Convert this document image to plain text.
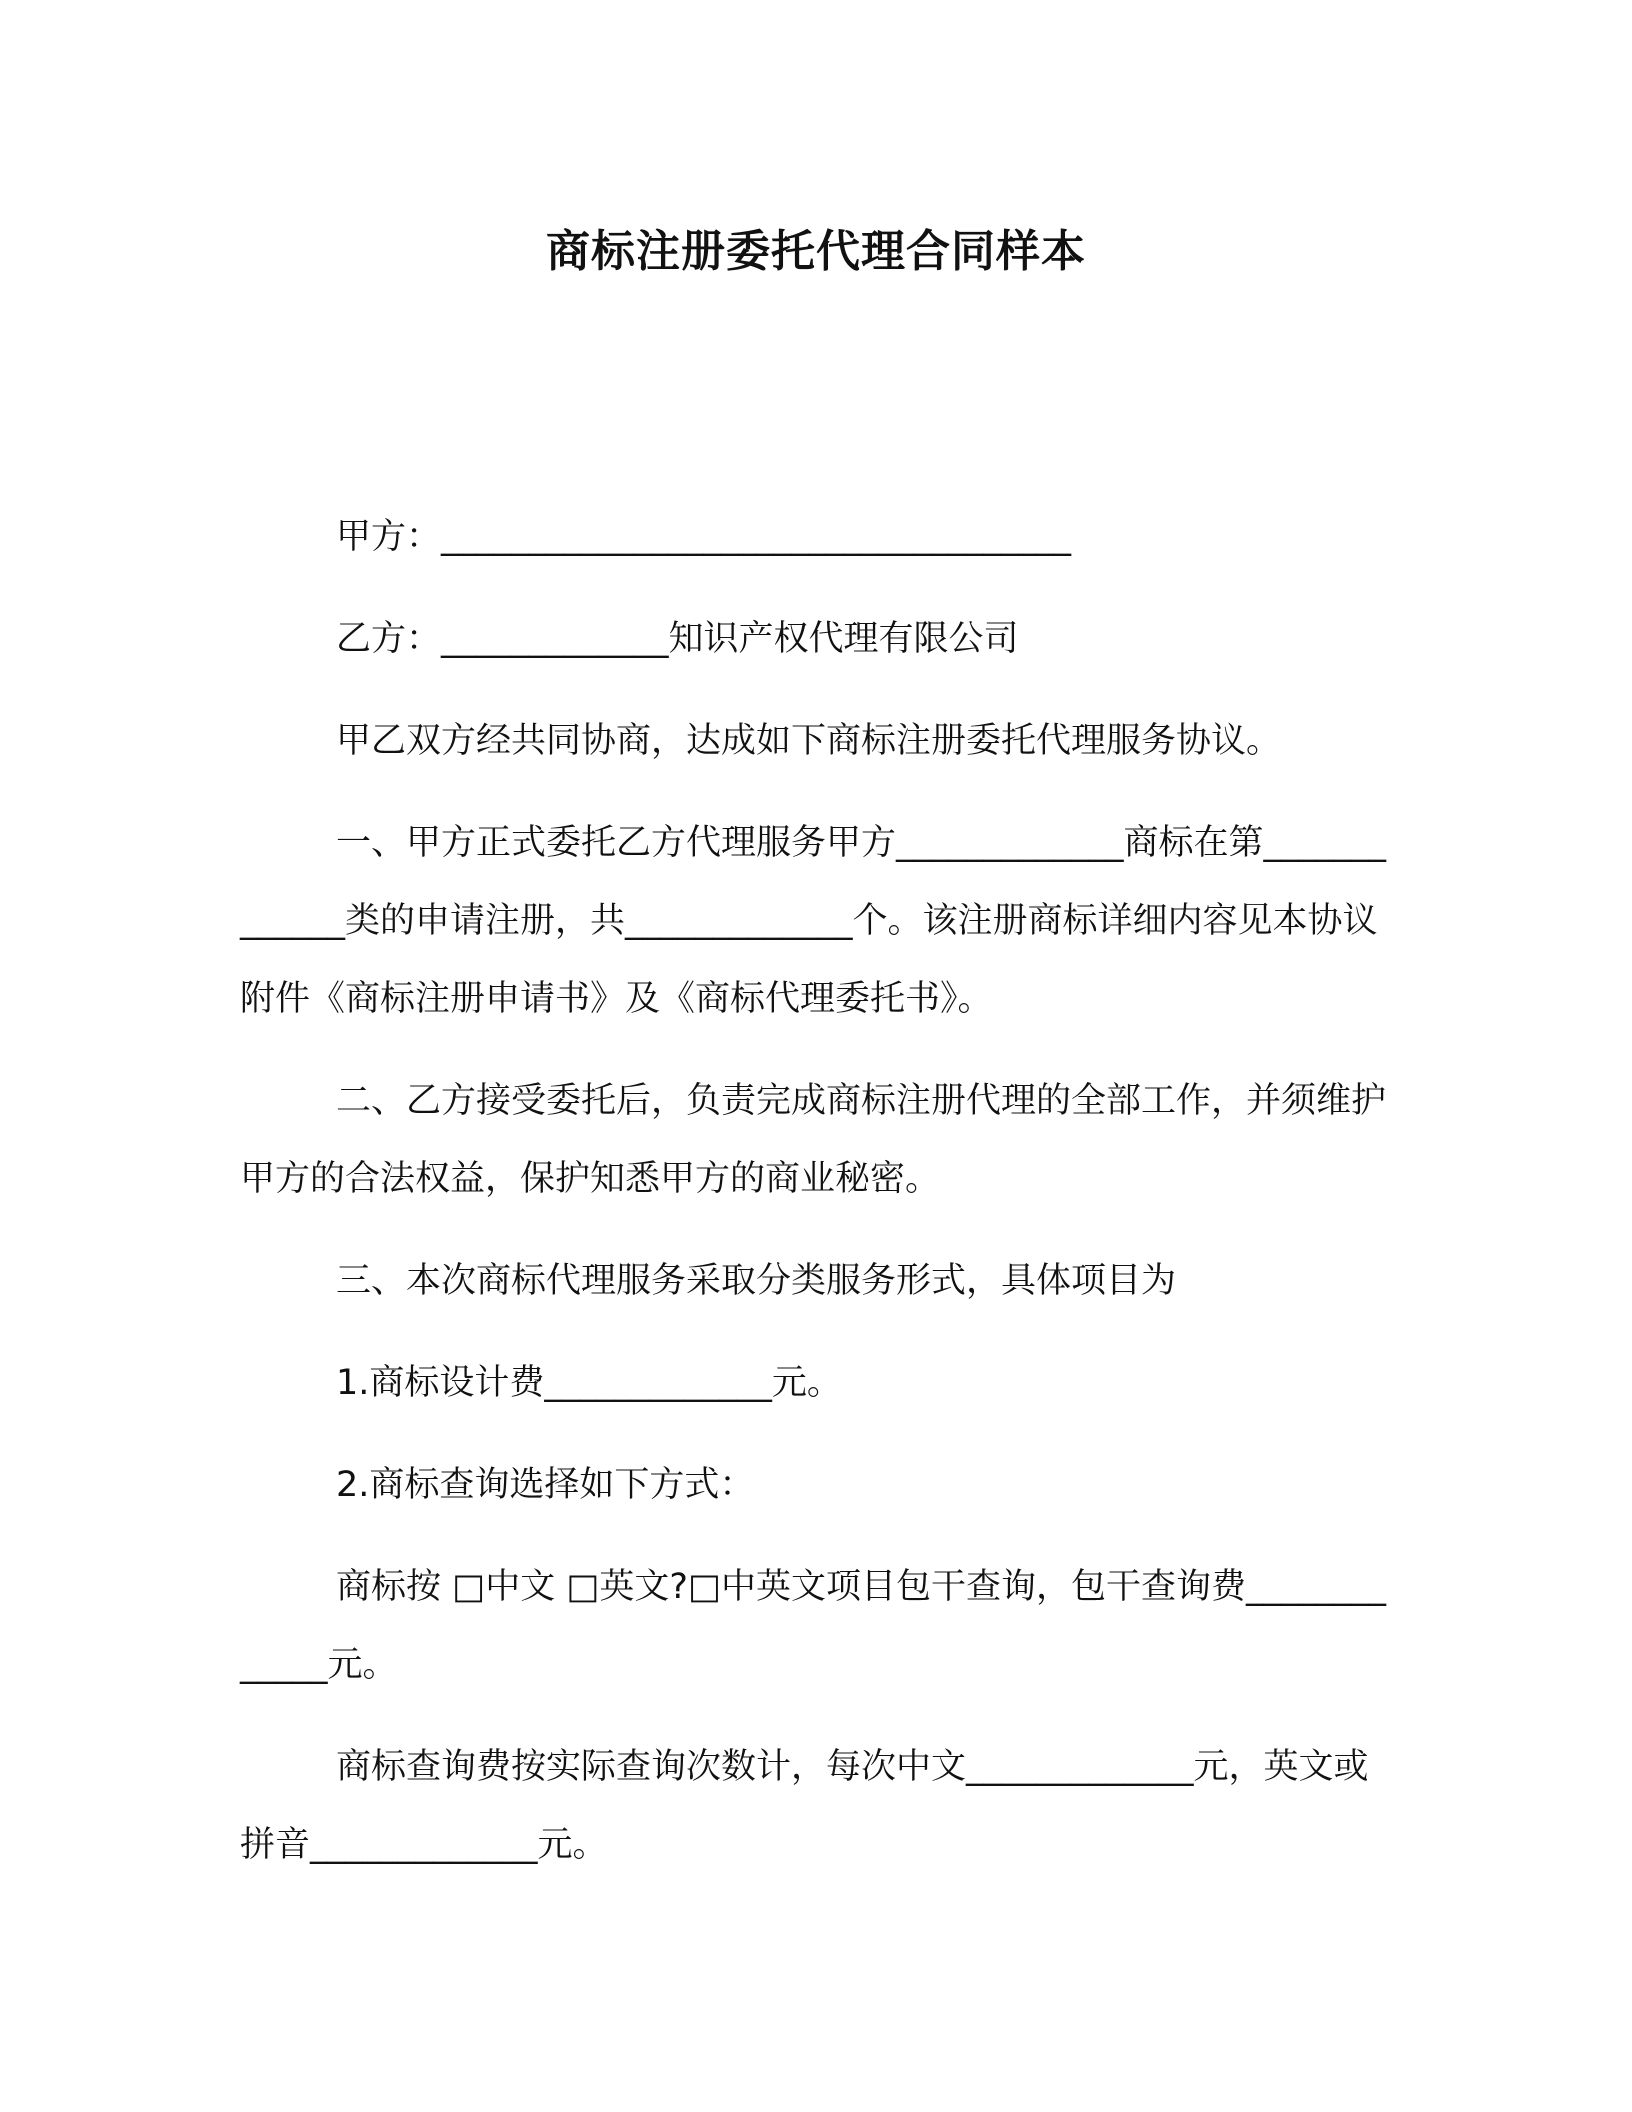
商标注册委托代理合同样本

甲方：____________________________________

乙方：_____________知识产权代理有限公司

甲乙双方经共同协商，达成如下商标注册委托代理服务协议。

一、甲方正式委托乙方代理服务甲方_____________商标在第_____________类的申请注册，共_____________个。该注册商标详细内容见本协议附件《商标注册申请书》及《商标代理委托书》。

二、乙方接受委托后，负责完成商标注册代理的全部工作，并须维护甲方的合法权益，保护知悉甲方的商业秘密。

三、本次商标代理服务采取分类服务形式，具体项目为

1.商标设计费_____________元。

2.商标查询选择如下方式：

商标按 □中文 □英文?□中英文项目包干查询，包干查询费_____________元。

商标查询费按实际查询次数计，每次中文_____________元，英文或拼音_____________元。
